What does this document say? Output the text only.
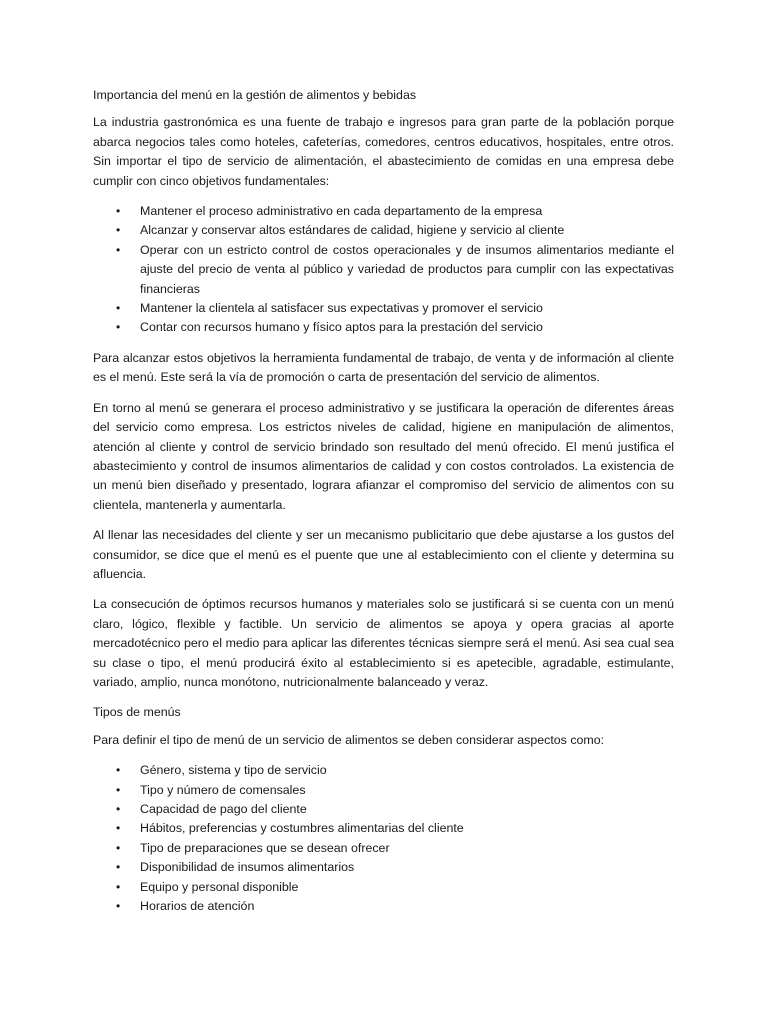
Importancia del menú en la gestión de alimentos y bebidas

La industria gastronómica es una fuente de trabajo e ingresos para gran parte de la población porque abarca negocios tales como hoteles, cafeterías, comedores, centros educativos, hospitales, entre otros. Sin importar el tipo de servicio de alimentación, el abastecimiento de comidas en una empresa debe cumplir con cinco objetivos fundamentales:

• Mantener el proceso administrativo en cada departamento de la empresa
• Alcanzar y conservar altos estándares de calidad, higiene y servicio al cliente
• Operar con un estricto control de costos operacionales y de insumos alimentarios mediante el ajuste del precio de venta al público y variedad de productos para cumplir con las expectativas financieras
• Mantener la clientela al satisfacer sus expectativas y promover el servicio
• Contar con recursos humano y físico aptos para la prestación del servicio

Para alcanzar estos objetivos la herramienta fundamental de trabajo, de venta y de información al cliente es el menú. Este será la vía de promoción o carta de presentación del servicio de alimentos.

En torno al menú se generara el proceso administrativo y se justificara la operación de diferentes áreas del servicio como empresa. Los estrictos niveles de calidad, higiene en manipulación de alimentos, atención al cliente y control de servicio brindado son resultado del menú ofrecido. El menú justifica el abastecimiento y control de insumos alimentarios de calidad y con costos controlados. La existencia de un menú bien diseñado y presentado, lograra afianzar el compromiso del servicio de alimentos con su clientela, mantenerla y aumentarla.

Al llenar las necesidades del cliente y ser un mecanismo publicitario que debe ajustarse a los gustos del consumidor, se dice que el menú es el puente que une al establecimiento con el cliente y determina su afluencia.

La consecución de óptimos recursos humanos y materiales solo se justificará si se cuenta con un menú claro, lógico, flexible y factible. Un servicio de alimentos se apoya y opera gracias al aporte mercadotécnico pero el medio para aplicar las diferentes técnicas siempre será el menú. Asi sea cual sea su clase o tipo, el menú producirá éxito al establecimiento si es apetecible, agradable, estimulante, variado, amplio, nunca monótono, nutricionalmente balanceado y veraz.

Tipos de menús

Para definir el tipo de menú de un servicio de alimentos se deben considerar aspectos como:

• Género, sistema y tipo de servicio
• Tipo y número de comensales
• Capacidad de pago del cliente
• Hábitos, preferencias y costumbres alimentarias del cliente
• Tipo de preparaciones que se desean ofrecer
• Disponibilidad de insumos alimentarios
• Equipo y personal disponible
• Horarios de atención
